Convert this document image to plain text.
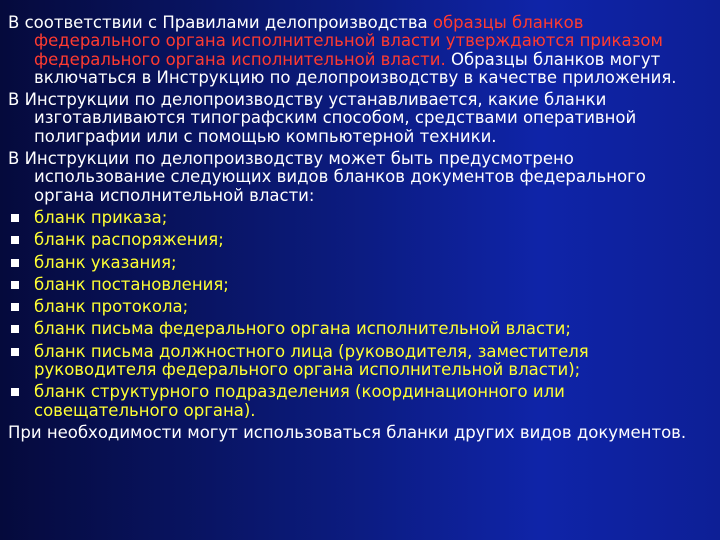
В соответствии с Правилами делопроизводства образцы бланков федерального органа исполнительной власти утверждаются приказом федерального органа исполнительной власти. Образцы бланков могут включаться в Инструкцию по делопроизводству в качестве приложения.

В Инструкции по делопроизводству устанавливается, какие бланки изготавливаются типографским способом, средствами оперативной полиграфии или с помощью компьютерной техники.

В Инструкции по делопроизводству может быть предусмотрено использование следующих видов бланков документов федерального органа исполнительной власти:

бланк приказа;
бланк распоряжения;
бланк указания;
бланк постановления;
бланк протокола;
бланк письма федерального органа исполнительной власти;
бланк письма должностного лица (руководителя, заместителя руководителя федерального органа исполнительной власти);
бланк структурного подразделения (координационного или совещательного органа).

При необходимости могут использоваться бланки других видов документов.
